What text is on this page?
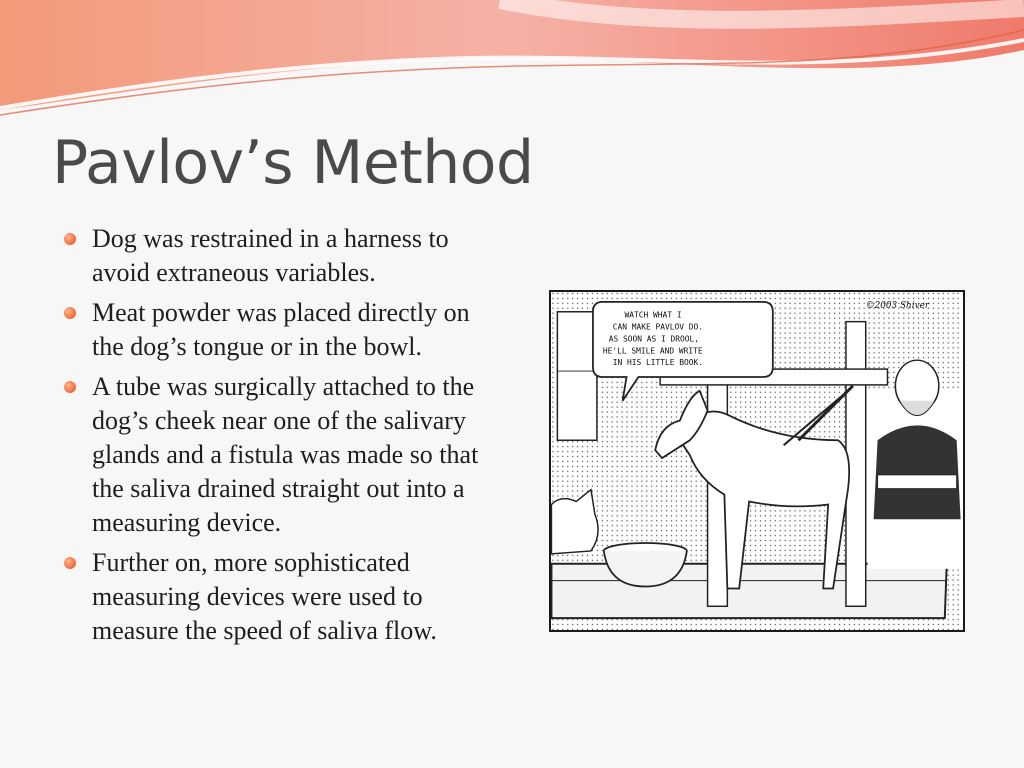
Pavlov’s Method
Dog was restrained in a harness to avoid extraneous variables.
Meat powder was placed directly on the dog’s tongue or in the bowl.
A tube was surgically attached to the dog’s cheek near one of the salivary glands and a fistula was made so that the saliva drained straight out into a measuring device.
Further on, more sophisticated measuring devices were used to measure the speed of saliva flow.
WATCH WHAT I
CAN MAKE PAVLOV DO.
AS SOON AS I DROOL,
HE'LL SMILE AND WRITE
IN HIS LITTLE BOOK.
©2003 Shiver
